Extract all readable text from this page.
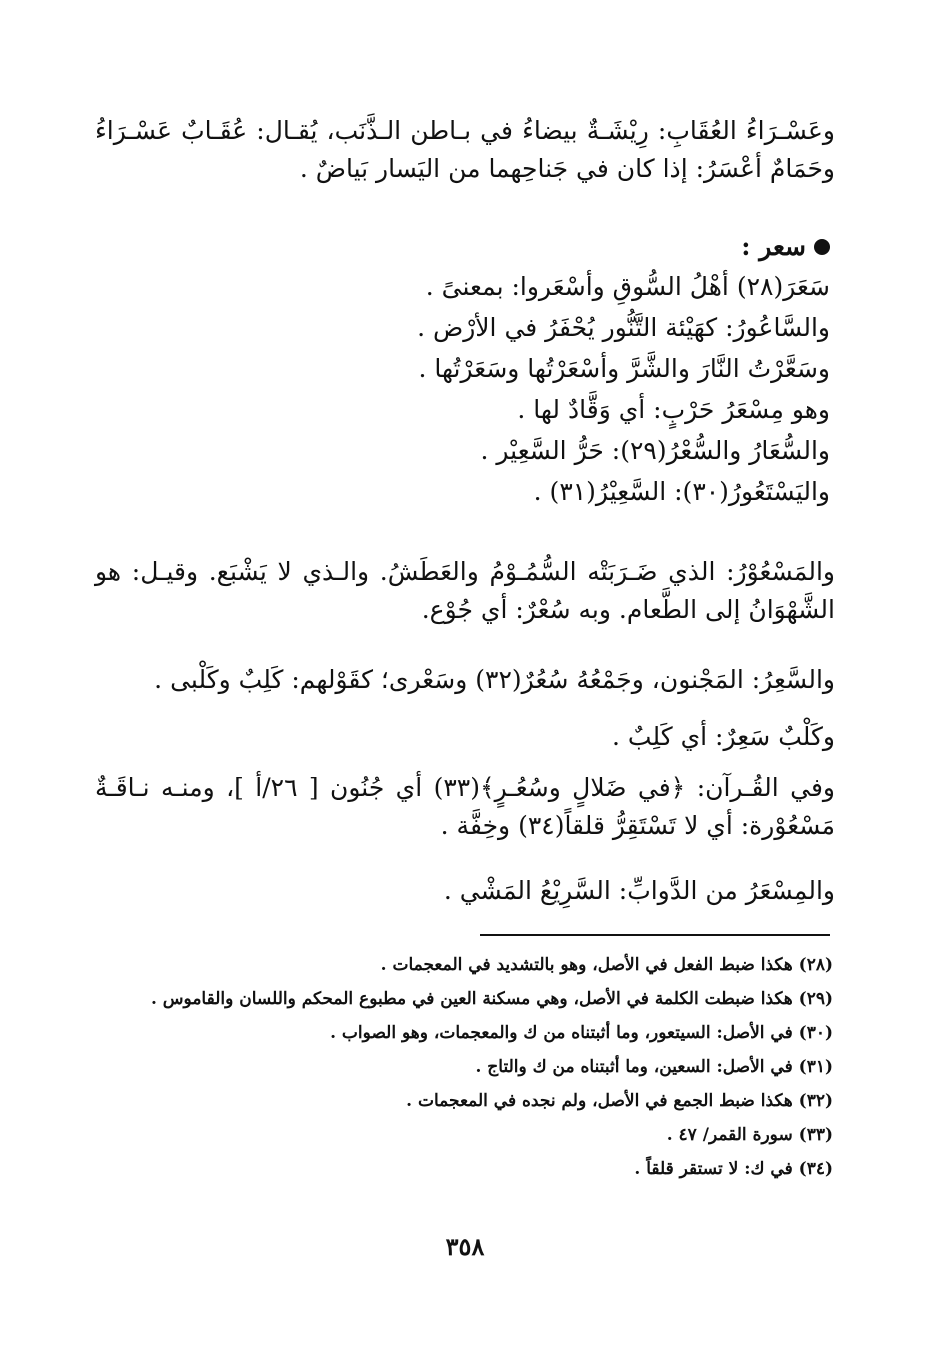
وعَسْـرَاءُ العُقَابِ: رِيْشَـةٌ بيضاءُ في بـاطن الـذَّنَب، يُقـال: عُقَـابٌ عَسْـرَاءُ وحَمَامٌ أعْسَرُ: إذا كان في جَناحِهما من اليَسار بَياضٌ .
سعر :
سَعَرَ(٢٨) أهْلُ السُّوقِ وأسْعَروا: بمعنىً .
والسَّاعُورُ: كهَيْئة التَّنُّور يُحْفَرُ في الأرْض .
وسَعَّرْتُ النَّارَ والشَّرَّ وأسْعَرْتُها وسَعَرْتُها .
وهو مِسْعَرُ حَرْبٍ: أي وَقَّادٌ لها .
والسُّعَارُ والسُّعْرُ(٢٩): حَرُّ السَّعِيْر .
واليَسْتَعُورُ(٣٠): السَّعِيْرُ(٣١) .
والمَسْعُوْرُ: الذي ضَـرَبَتْه السُّمُـوْمُ والعَطَشُ. والـذي لا يَشْبَع. وقيـل: هو الشَّهْوَانُ إلى الطَّعام. وبه سُعْرٌ: أي جُوْع.
والسَّعِرُ: المَجْنون، وجَمْعُهُ سُعُرٌ(٣٢) وسَعْرى؛ كقَوْلهم: كَلِبٌ وكَلْبى .
وكَلْبٌ سَعِرٌ: أي كَلِبٌ .
وفي القُـرآن: ﴿في ضَلالٍ وسُعُـرٍ﴾(٣٣) أي جُنُون [ ٢٦/أ ]، ومنـه نـاقَـةٌ مَسْعُوْرة: أي لا تَسْتَقِرُّ قلقاً(٣٤) وخِفَّة .
والمِسْعَرُ من الدَّوابِّ: السَّرِيْعُ المَشْي .
(٢٨) هكذا ضبط الفعل في الأصل، وهو بالتشديد في المعجمات .
(٢٩) هكذا ضبطت الكلمة في الأصل، وهي مسكنة العين في مطبوع المحكم واللسان والقاموس .
(٣٠) في الأصل: السيتعور، وما أثبتناه من ك والمعجمات، وهو الصواب .
(٣١) في الأصل: السعين، وما أثبتناه من ك والتاج .
(٣٢) هكذا ضبط الجمع في الأصل، ولم نجده في المعجمات .
(٣٣) سورة القمر/ ٤٧ .
(٣٤) في ك: لا تستقر قلقاً .
٣٥٨
